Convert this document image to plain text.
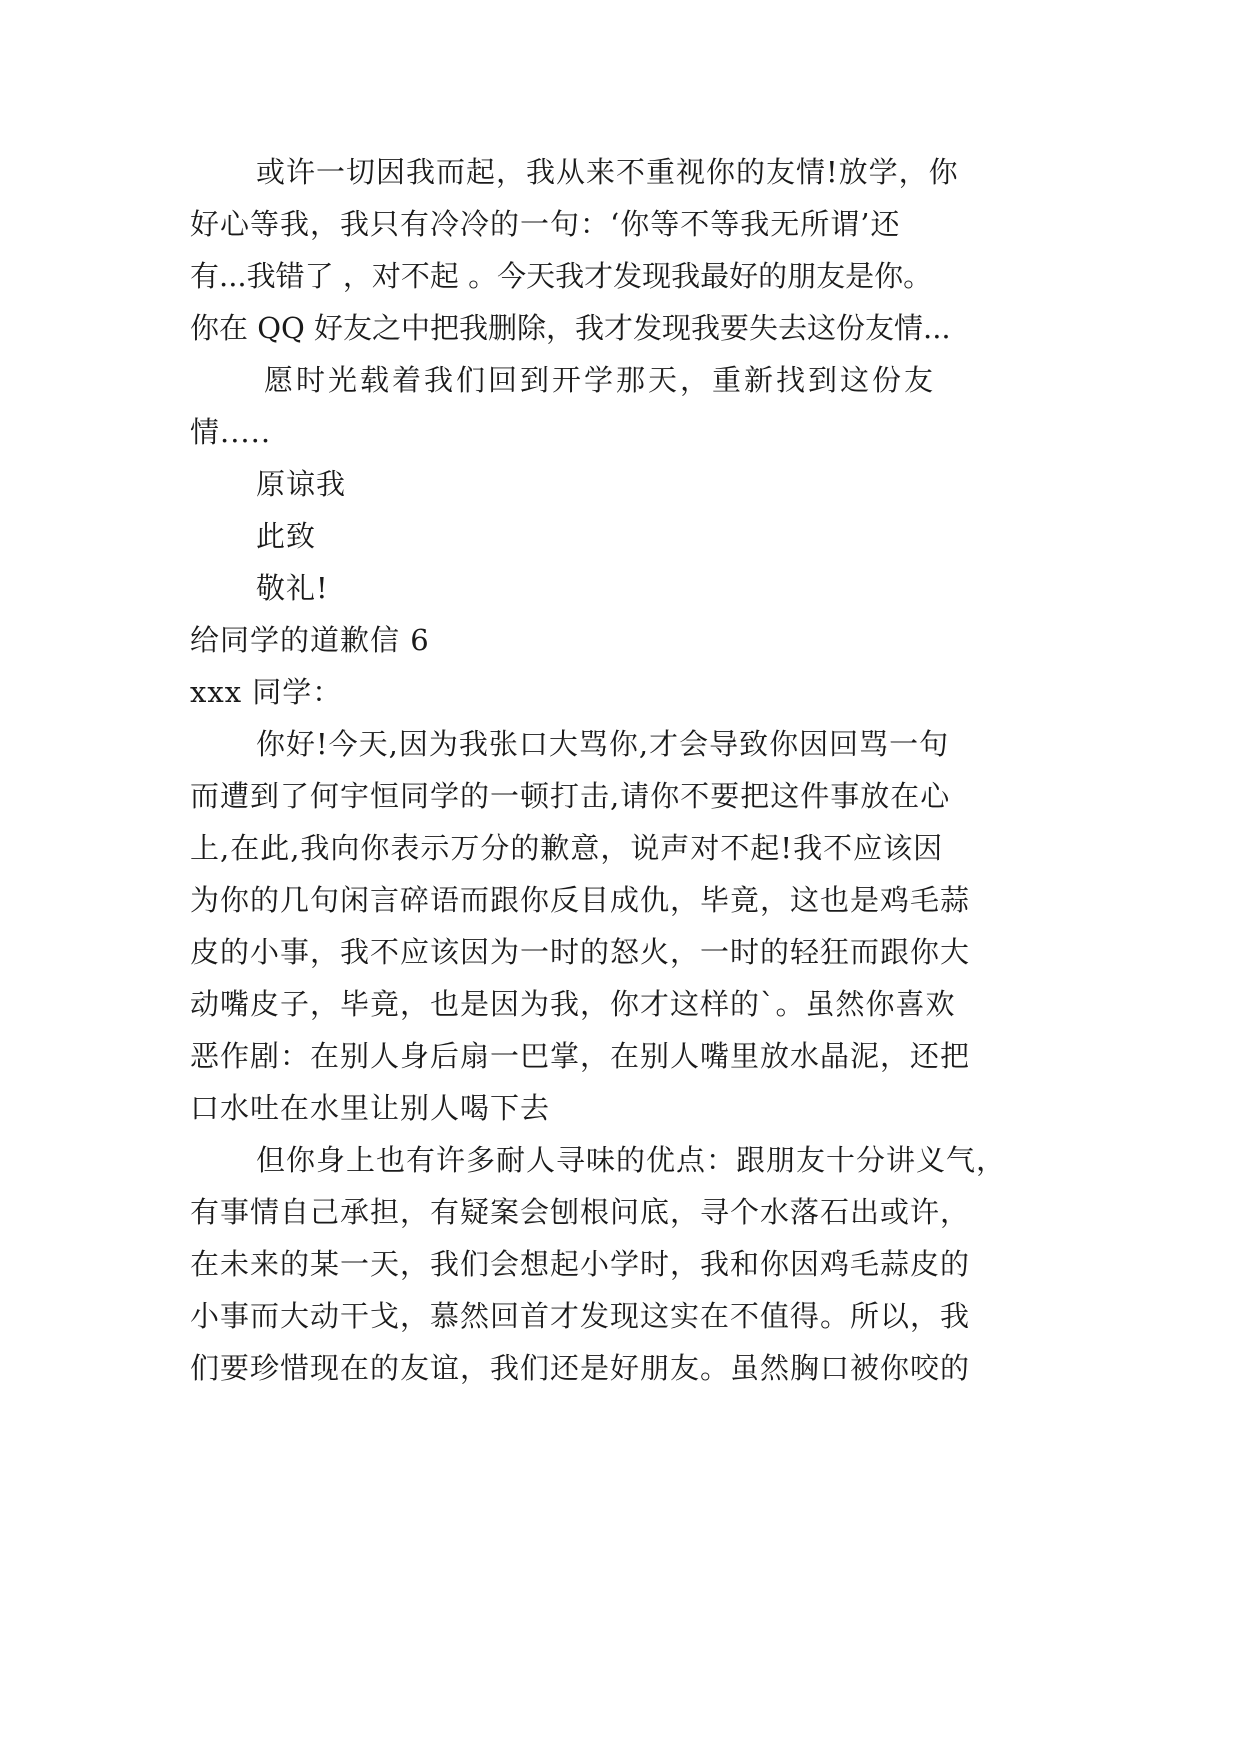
或许一切因我而起，我从来不重视你的友情!放学，你
好心等我，我只有冷冷的一句：‘你等不等我无所谓’还
有...我错了 ，对不起 。今天我才发现我最好的朋友是你。
你在 QQ 好友之中把我删除，我才发现我要失去这份友情...
愿时光载着我们回到开学那天，重新找到这份友
情.....
原谅我
此致
敬礼!
给同学的道歉信 6
xxx 同学：
你好!今天,因为我张口大骂你,才会导致你因回骂一句
而遭到了何宇恒同学的一顿打击,请你不要把这件事放在心
上,在此,我向你表示万分的歉意，说声对不起!我不应该因
为你的几句闲言碎语而跟你反目成仇，毕竟，这也是鸡毛蒜
皮的小事，我不应该因为一时的怒火，一时的轻狂而跟你大
动嘴皮子，毕竟，也是因为我，你才这样的`。虽然你喜欢
恶作剧：在别人身后扇一巴掌，在别人嘴里放水晶泥，还把
口水吐在水里让别人喝下去
但你身上也有许多耐人寻味的优点：跟朋友十分讲义气，
有事情自己承担，有疑案会刨根问底，寻个水落石出或许，
在未来的某一天，我们会想起小学时，我和你因鸡毛蒜皮的
小事而大动干戈，慕然回首才发现这实在不值得。所以，我
们要珍惜现在的友谊，我们还是好朋友。虽然胸口被你咬的
